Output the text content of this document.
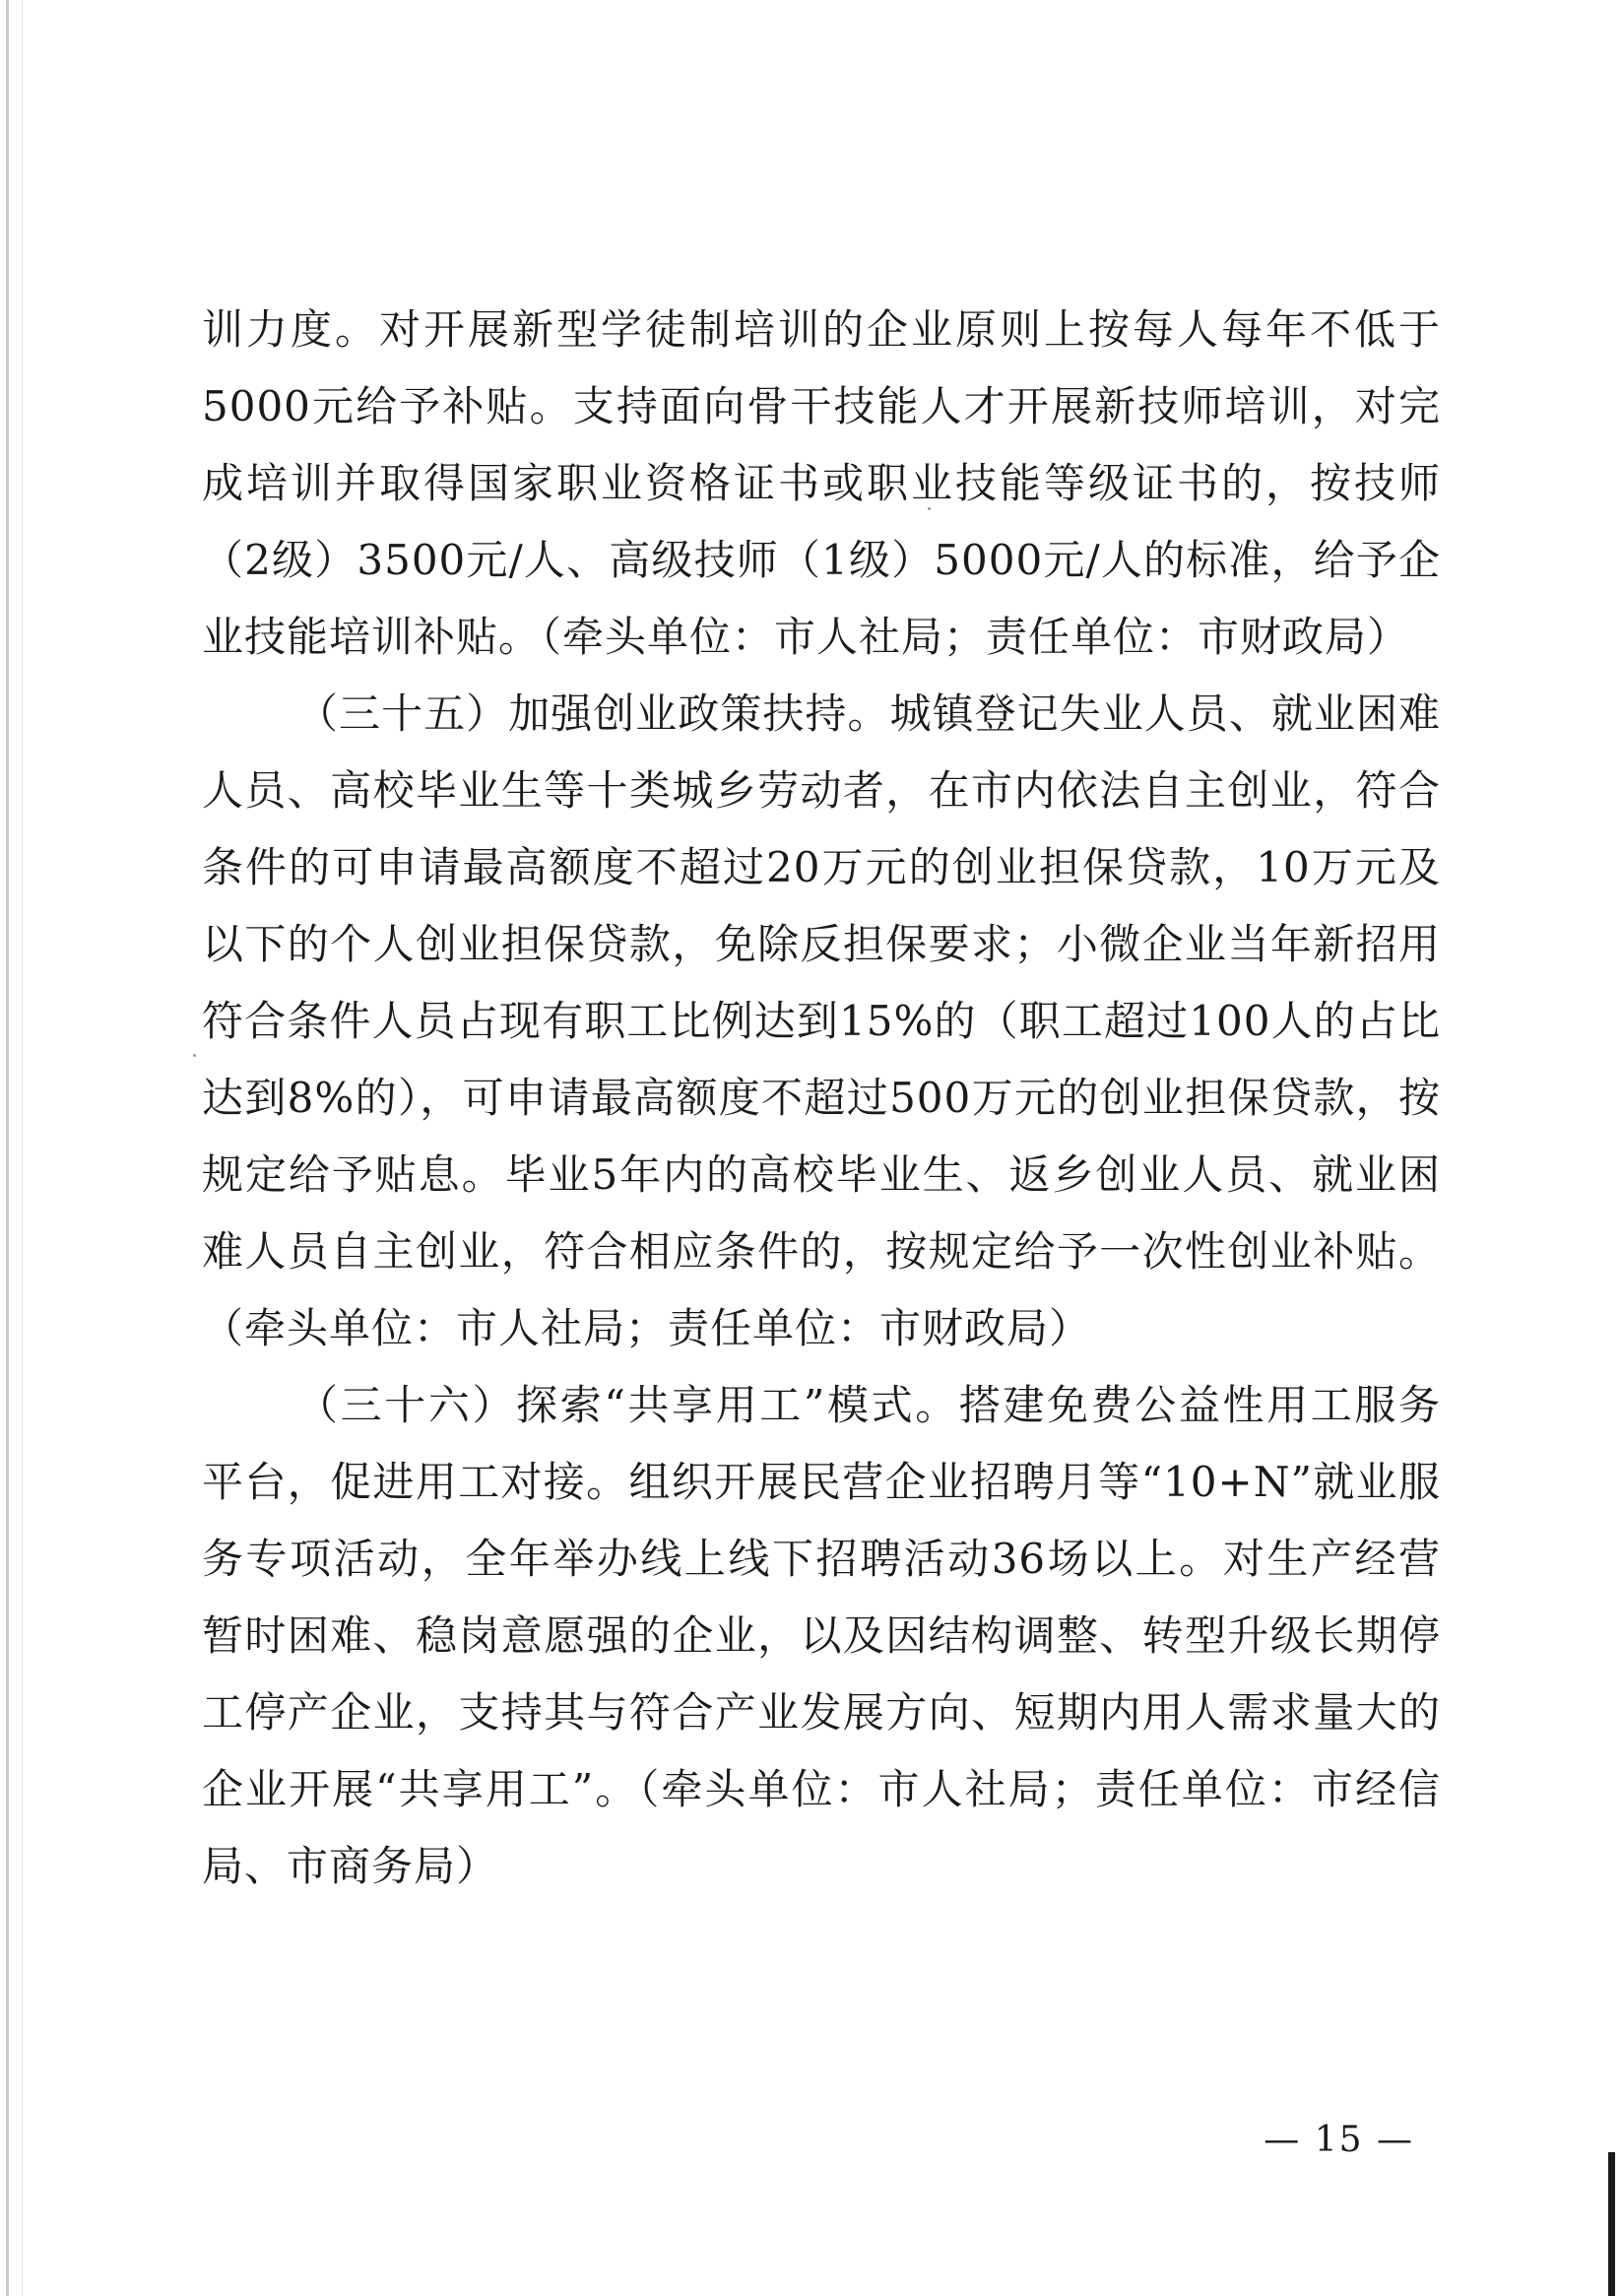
训力度。对开展新型学徒制培训的企业原则上按每人每年不低于5000元给予补贴。支持面向骨干技能人才开展新技师培训，对完成培训并取得国家职业资格证书或职业技能等级证书的，按技师（2级）3500元/人、高级技师（1级）5000元/人的标准，给予企业技能培训补贴。（牵头单位：市人社局；责任单位：市财政局）

（三十五）加强创业政策扶持。城镇登记失业人员、就业困难人员、高校毕业生等十类城乡劳动者，在市内依法自主创业，符合条件的可申请最高额度不超过20万元的创业担保贷款，10万元及以下的个人创业担保贷款，免除反担保要求；小微企业当年新招用符合条件人员占现有职工比例达到15%的（职工超过100人的占比达到8%的），可申请最高额度不超过500万元的创业担保贷款，按规定给予贴息。毕业5年内的高校毕业生、返乡创业人员、就业困难人员自主创业，符合相应条件的，按规定给予一次性创业补贴。（牵头单位：市人社局；责任单位：市财政局）

（三十六）探索“共享用工”模式。搭建免费公益性用工服务平台，促进用工对接。组织开展民营企业招聘月等“10+N”就业服务专项活动，全年举办线上线下招聘活动36场以上。对生产经营暂时困难、稳岗意愿强的企业，以及因结构调整、转型升级长期停工停产企业，支持其与符合产业发展方向、短期内用人需求量大的企业开展“共享用工”。（牵头单位：市人社局；责任单位：市经信局、市商务局）

— 15 —
